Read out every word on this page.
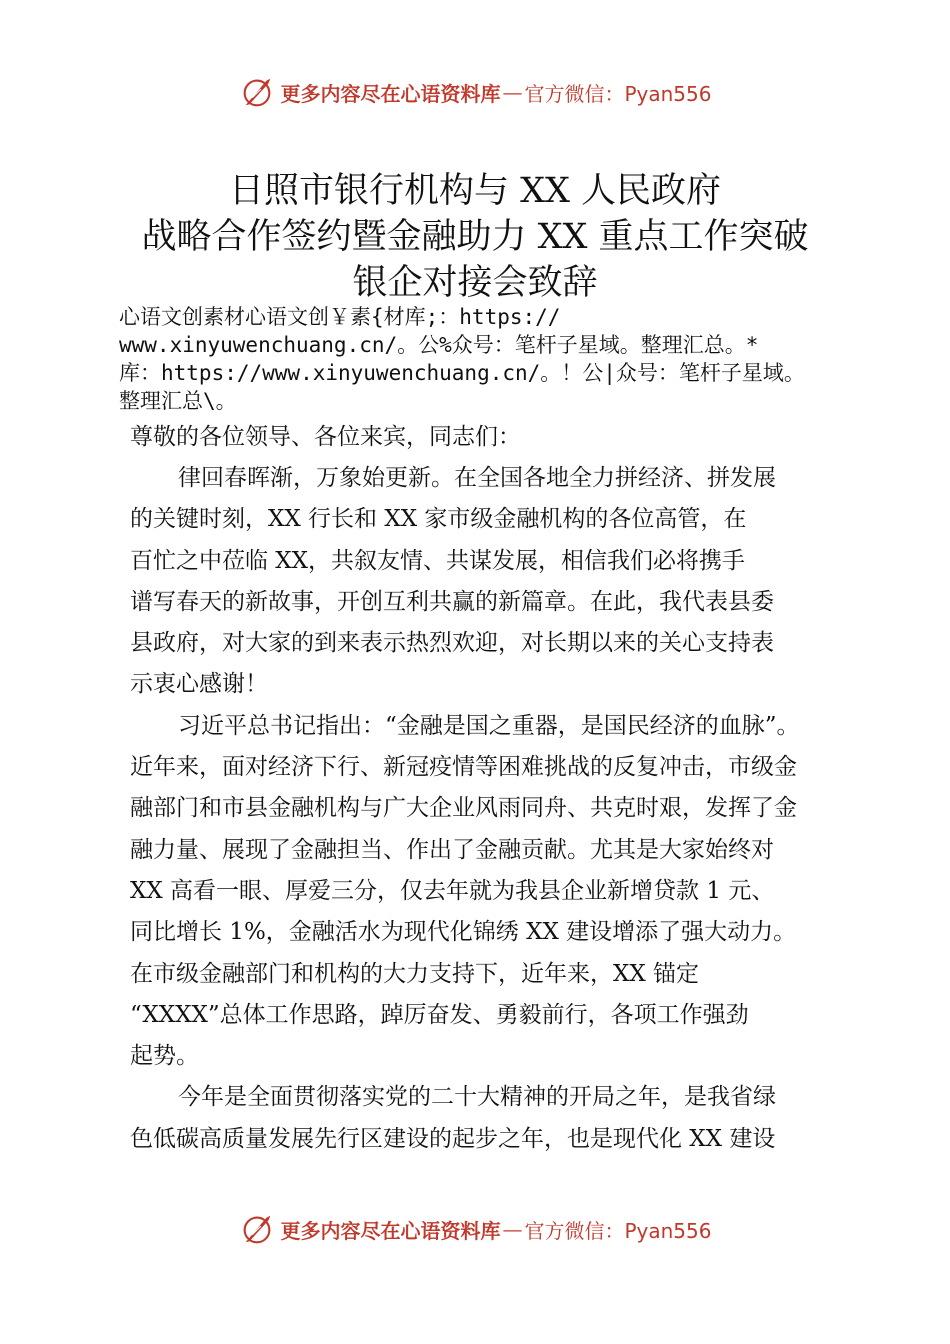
更多内容尽在心语资料库 — 官方微信：Pyan556
日照市银行机构与 XX 人民政府
战略合作签约暨金融助力 XX 重点工作突破
银企对接会致辞
心语文创素材心语文创￥素{材库;：https://
www.xinyuwenchuang.cn/。公%众号：笔杆子星域。整理汇总。*
库：https://www.xinyuwenchuang.cn/。！公|众号：笔杆子星域。
整理汇总\。
尊敬的各位领导、各位来宾，同志们：
律回春晖渐，万象始更新。在全国各地全力拼经济、拼发展
的关键时刻，XX 行长和 XX 家市级金融机构的各位高管，在
百忙之中莅临 XX，共叙友情、共谋发展，相信我们必将携手
谱写春天的新故事，开创互利共赢的新篇章。在此，我代表县委
县政府，对大家的到来表示热烈欢迎，对长期以来的关心支持表
示衷心感谢！
习近平总书记指出：“金融是国之重器，是国民经济的血脉”。
近年来，面对经济下行、新冠疫情等困难挑战的反复冲击，市级金
融部门和市县金融机构与广大企业风雨同舟、共克时艰，发挥了金
融力量、展现了金融担当、作出了金融贡献。尤其是大家始终对
XX 高看一眼、厚爱三分，仅去年就为我县企业新增贷款 1 元、
同比增长 1%，金融活水为现代化锦绣 XX 建设增添了强大动力。
在市级金融部门和机构的大力支持下，近年来，XX 锚定
“XXXX”总体工作思路，踔厉奋发、勇毅前行，各项工作强劲
起势。
今年是全面贯彻落实党的二十大精神的开局之年，是我省绿
色低碳高质量发展先行区建设的起步之年，也是现代化 XX 建设
更多内容尽在心语资料库 — 官方微信：Pyan556
